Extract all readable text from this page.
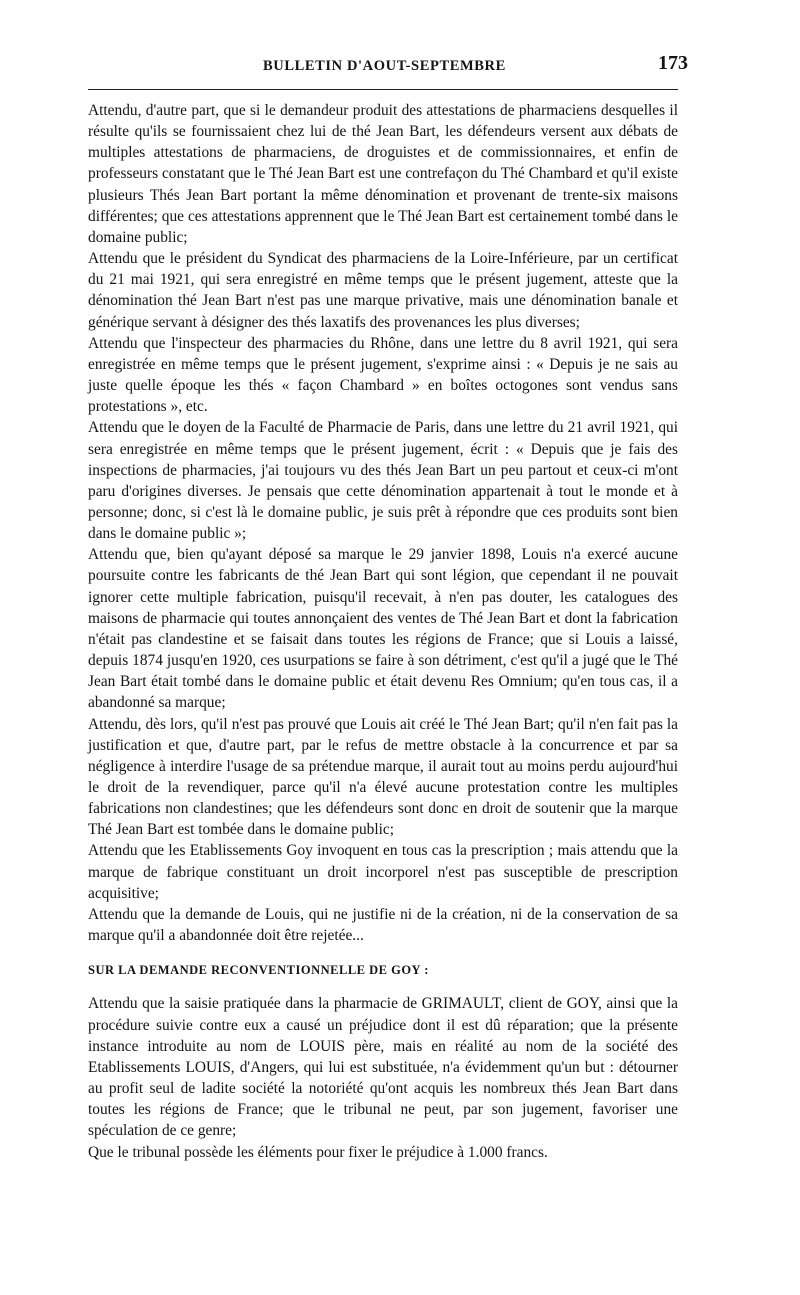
BULLETIN D'AOUT-SEPTEMBRE	173

Attendu, d'autre part, que si le demandeur produit des attestations de pharmaciens desquelles il résulte qu'ils se fournissaient chez lui de thé Jean Bart, les défendeurs versent aux débats de multiples attestations de pharmaciens, de droguistes et de commissionnaires, et enfin de professeurs constatant que le Thé Jean Bart est une contrefaçon du Thé Chambard et qu'il existe plusieurs Thés Jean Bart portant la même dénomination et provenant de trente-six maisons différentes; que ces attestations apprennent que le Thé Jean Bart est certainement tombé dans le domaine public;

Attendu que le président du Syndicat des pharmaciens de la Loire-Inférieure, par un certificat du 21 mai 1921, qui sera enregistré en même temps que le présent jugement, atteste que la dénomination thé Jean Bart n'est pas une marque privative, mais une dénomination banale et générique servant à désigner des thés laxatifs des provenances les plus diverses;

Attendu que l'inspecteur des pharmacies du Rhône, dans une lettre du 8 avril 1921, qui sera enregistrée en même temps que le présent jugement, s'exprime ainsi : « Depuis je ne sais au juste quelle époque les thés « façon Chambard » en boîtes octogones sont vendus sans protestations », etc.

Attendu que le doyen de la Faculté de Pharmacie de Paris, dans une lettre du 21 avril 1921, qui sera enregistrée en même temps que le présent jugement, écrit : « Depuis que je fais des inspections de pharmacies, j'ai toujours vu des thés Jean Bart un peu partout et ceux-ci m'ont paru d'origines diverses. Je pensais que cette dénomination appartenait à tout le monde et à personne; donc, si c'est là le domaine public, je suis prêt à répondre que ces produits sont bien dans le domaine public »;

Attendu que, bien qu'ayant déposé sa marque le 29 janvier 1898, Louis n'a exercé aucune poursuite contre les fabricants de thé Jean Bart qui sont légion, que cependant il ne pouvait ignorer cette multiple fabrication, puisqu'il recevait, à n'en pas douter, les catalogues des maisons de pharmacie qui toutes annonçaient des ventes de Thé Jean Bart et dont la fabrication n'était pas clandestine et se faisait dans toutes les régions de France; que si Louis a laissé, depuis 1874 jusqu'en 1920, ces usurpations se faire à son détriment, c'est qu'il a jugé que le Thé Jean Bart était tombé dans le domaine public et était devenu Res Omnium; qu'en tous cas, il a abandonné sa marque;

Attendu, dès lors, qu'il n'est pas prouvé que Louis ait créé le Thé Jean Bart; qu'il n'en fait pas la justification et que, d'autre part, par le refus de mettre obstacle à la concurrence et par sa négligence à interdire l'usage de sa prétendue marque, il aurait tout au moins perdu aujourd'hui le droit de la revendiquer, parce qu'il n'a élevé aucune protestation contre les multiples fabrications non clandestines; que les défendeurs sont donc en droit de soutenir que la marque Thé Jean Bart est tombée dans le domaine public;

Attendu que les Etablissements Goy invoquent en tous cas la prescription ; mais attendu que la marque de fabrique constituant un droit incorporel n'est pas susceptible de prescription acquisitive;

Attendu que la demande de Louis, qui ne justifie ni de la création, ni de la conservation de sa marque qu'il a abandonnée doit être rejetée...

SUR LA DEMANDE RECONVENTIONNELLE DE GOY :

Attendu que la saisie pratiquée dans la pharmacie de GRIMAULT, client de GOY, ainsi que la procédure suivie contre eux a causé un préjudice dont il est dû réparation; que la présente instance introduite au nom de LOUIS père, mais en réalité au nom de la société des Etablissements LOUIS, d'Angers, qui lui est substituée, n'a évidemment qu'un but : détourner au profit seul de ladite société la notoriété qu'ont acquis les nombreux thés Jean Bart dans toutes les régions de France; que le tribunal ne peut, par son jugement, favoriser une spéculation de ce genre;

Que le tribunal possède les éléments pour fixer le préjudice à 1.000 francs.
